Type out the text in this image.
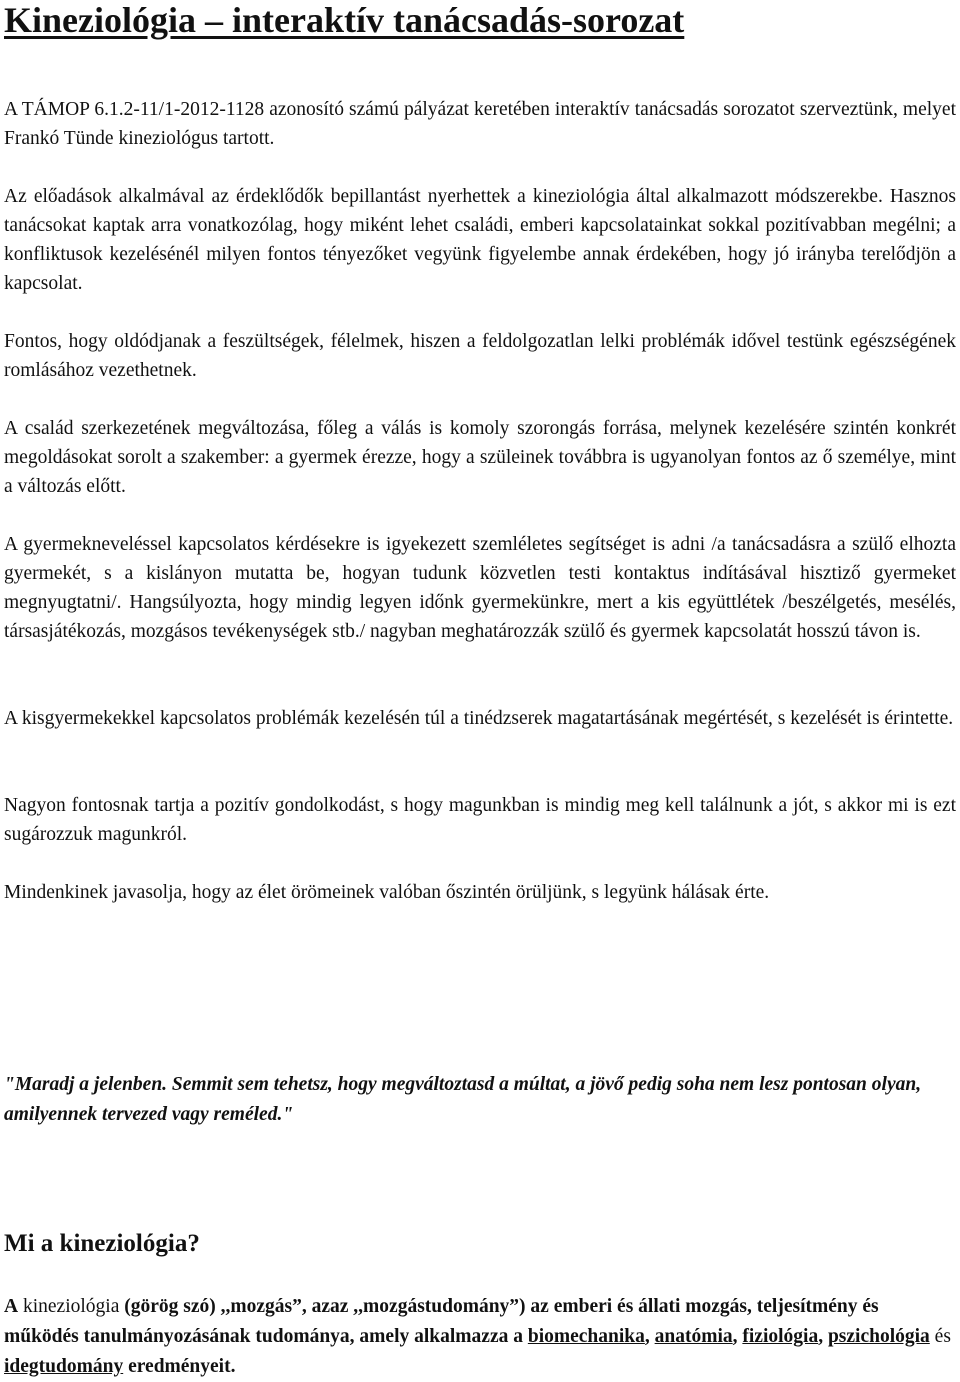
Kineziológia – interaktív tanácsadás-sorozat

A TÁMOP 6.1.2-11/1-2012-1128 azonosító számú pályázat keretében interaktív tanácsadás sorozatot szerveztünk, melyet Frankó Tünde kineziológus tartott.

Az előadások alkalmával az érdeklődők bepillantást nyerhettek a kineziológia által alkalmazott módszerekbe. Hasznos tanácsokat kaptak arra vonatkozólag, hogy miként lehet családi, emberi kapcsolatainkat sokkal pozitívabban megélni; a konfliktusok kezelésénél milyen fontos tényezőket vegyünk figyelembe annak érdekében, hogy jó irányba terelődjön a kapcsolat.

Fontos, hogy oldódjanak a feszültségek, félelmek, hiszen a feldolgozatlan lelki problémák idővel testünk egészségének romlásához vezethetnek.

A család szerkezetének megváltozása, főleg a válás is komoly szorongás forrása, melynek kezelésére szintén konkrét megoldásokat sorolt a szakember: a gyermek érezze, hogy a szüleinek továbbra is ugyanolyan fontos az ő személye, mint a változás előtt.

A gyermekneveléssel kapcsolatos kérdésekre is igyekezett szemléletes segítséget is adni /a tanácsadásra a szülő elhozta gyermekét, s a kislányon mutatta be, hogyan tudunk közvetlen testi kontaktus indításával hisztiző gyermeket megnyugtatni/. Hangsúlyozta, hogy mindig legyen időnk gyermekünkre, mert a kis együttlétek /beszélgetés, mesélés, társasjátékozás, mozgásos tevékenységek stb./ nagyban meghatározzák szülő és gyermek kapcsolatát hosszú távon is.

A kisgyermekekkel kapcsolatos problémák kezelésén túl a tinédzserek magatartásának megértését, s kezelését is érintette.

Nagyon fontosnak tartja a pozitív gondolkodást, s hogy magunkban is mindig meg kell találnunk a jót, s akkor mi is ezt sugározzuk magunkról.

Mindenkinek javasolja, hogy az élet örömeinek valóban őszintén örüljünk, s legyünk hálásak érte.

"Maradj a jelenben. Semmit sem tehetsz, hogy megváltoztasd a múltat, a jövő pedig soha nem lesz pontosan olyan, amilyennek tervezed vagy reméled."

Mi a kineziológia?

A kineziológia (görög szó) ,,mozgás”, azaz ,,mozgástudomány”) az emberi és állati mozgás, teljesítmény és működés tanulmányozásának tudománya, amely alkalmazza a biomechanika, anatómia, fiziológia, pszichológia és idegtudomány eredményeit.
